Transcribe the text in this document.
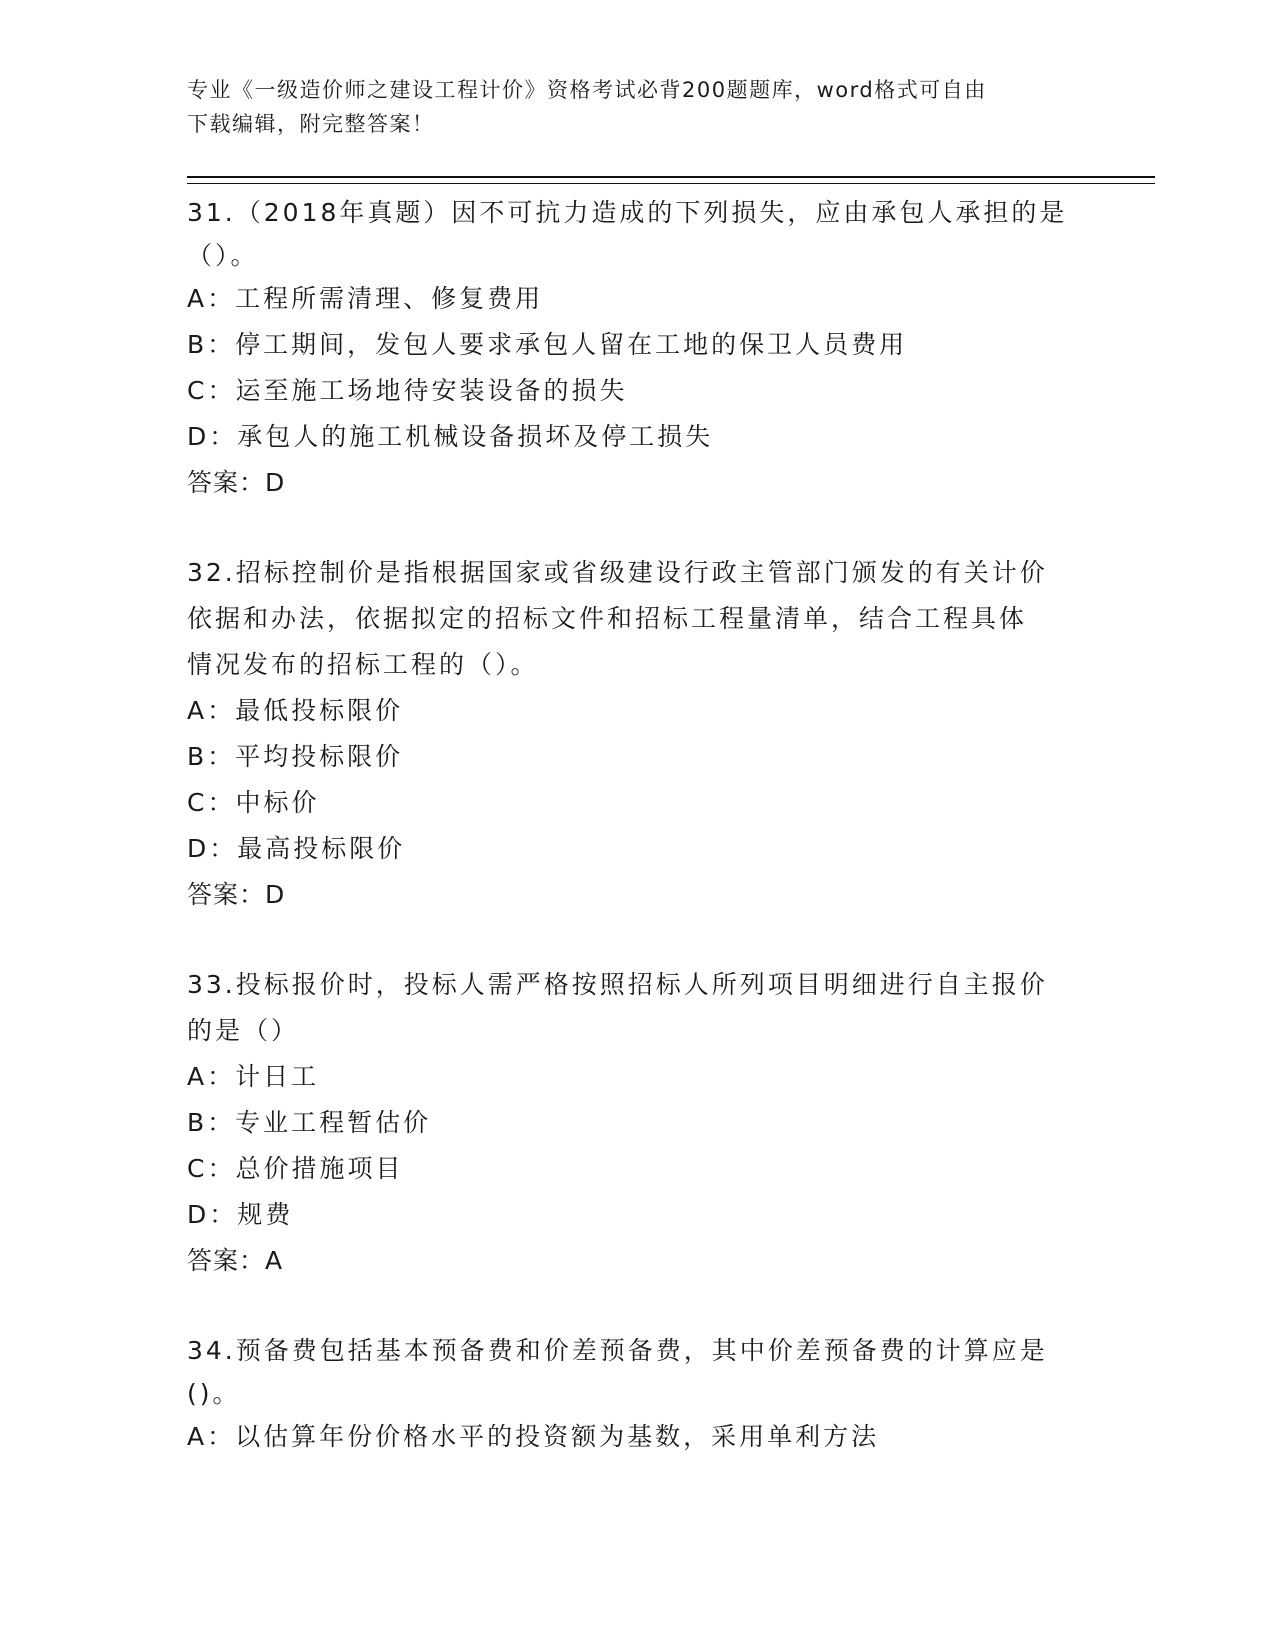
专业《一级造价师之建设工程计价》资格考试必背200题题库，word格式可自由
下载编辑，附完整答案！
31.（2018年真题）因不可抗力造成的下列损失，应由承包人承担的是
（）。
A：工程所需清理、修复费用
B：停工期间，发包人要求承包人留在工地的保卫人员费用
C：运至施工场地待安装设备的损失
D：承包人的施工机械设备损坏及停工损失
答案：D
32.招标控制价是指根据国家或省级建设行政主管部门颁发的有关计价
依据和办法，依据拟定的招标文件和招标工程量清单，结合工程具体
情况发布的招标工程的（）。
A：最低投标限价
B：平均投标限价
C：中标价
D：最高投标限价
答案：D
33.投标报价时，投标人需严格按照招标人所列项目明细进行自主报价
的是（）
A：计日工
B：专业工程暂估价
C：总价措施项目
D：规费
答案：A
34.预备费包括基本预备费和价差预备费，其中价差预备费的计算应是
()。
A：以估算年份价格水平的投资额为基数，采用单利方法
